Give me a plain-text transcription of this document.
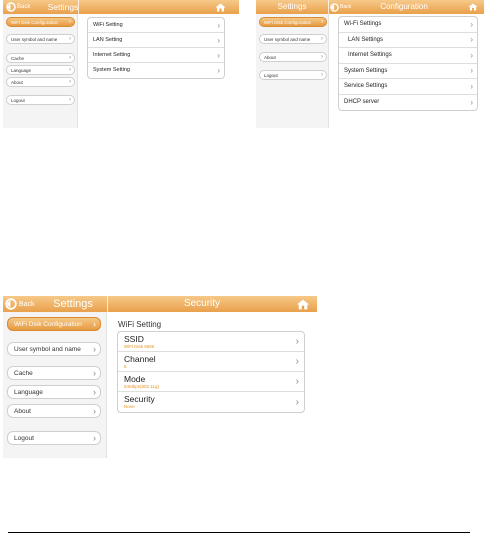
Back	Settings
WiFi Disk Configuration ›
User symbol and name ›
Cache	›
Language	›
About	›
Logout	›
WiFi Setting	›
LAN Setting	›
Internet Setting	›
System Setting	›
Settings	Back	Configuration
WiFi Disk Configuration ›
User symbol and name ›
About	›
Logout	›
Wi-Fi Settings	›
LAN Settings	›
Internet Settings	›
System Settings	›
Service Settings	›
DHCP server	›
Back	Settings	Security
WiFi Disk Configuration ›
User symbol and name ›
Cache	›
Language	›
About	›
Logout	›
WiFi Setting
SSID
WiFi Disk 5566	›
Channel
6	›
Mode
54Mbps(802.11g)	›
Security
None	›
